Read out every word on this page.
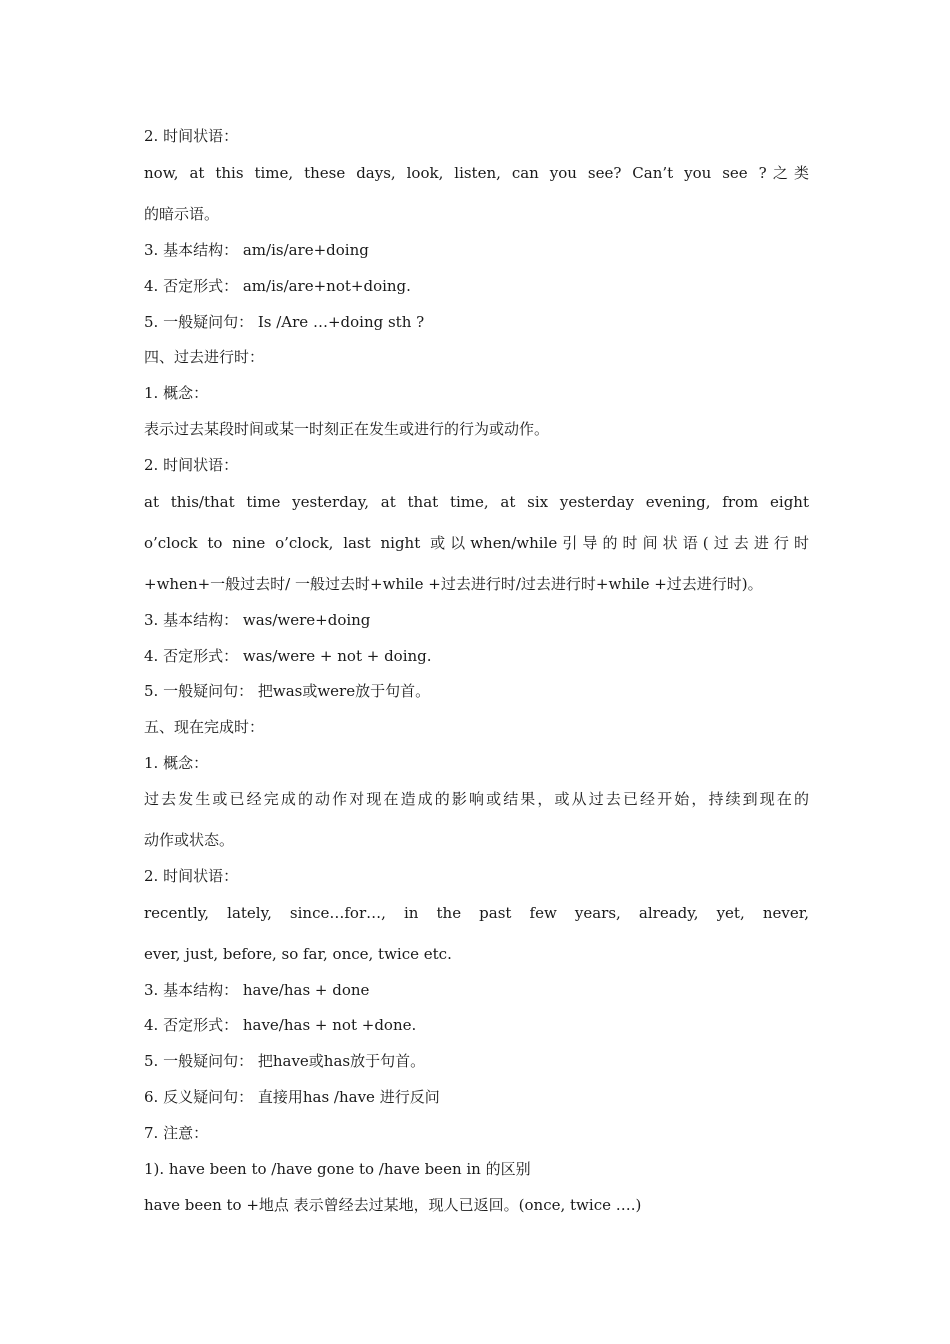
2. 时间状语：
now, at this time, these days, look, listen, can you see? Can’t you see ?之类
的暗示语。
3. 基本结构： am/is/are+doing
4. 否定形式： am/is/are+not+doing.
5. 一般疑问句： Is /Are …+doing sth ?
四、过去进行时：
1. 概念：
表示过去某段时间或某一时刻正在发生或进行的行为或动作。
2. 时间状语：
at this/that time yesterday, at that time, at six yesterday evening, from eight
o’clock to nine o’clock, last night 或以when/while引导的时间状语(过去进行时
+when+一般过去时/ 一般过去时+while +过去进行时/过去进行时+while +过去进行时)。
3. 基本结构： was/were+doing
4. 否定形式： was/were + not + doing.
5. 一般疑问句： 把was或were放于句首。
五、现在完成时：
1. 概念：
过去发生或已经完成的动作对现在造成的影响或结果，或从过去已经开始，持续到现在的
动作或状态。
2. 时间状语：
recently, lately, since…for…, in the past few years, already, yet, never,
ever, just, before, so far, once, twice etc.
3. 基本结构： have/has + done
4. 否定形式： have/has + not +done.
5. 一般疑问句： 把have或has放于句首。
6. 反义疑问句： 直接用has /have 进行反问
7. 注意：
1). have been to /have gone to /have been in 的区别
have been to +地点 表示曾经去过某地，现人已返回。(once, twice ….)
